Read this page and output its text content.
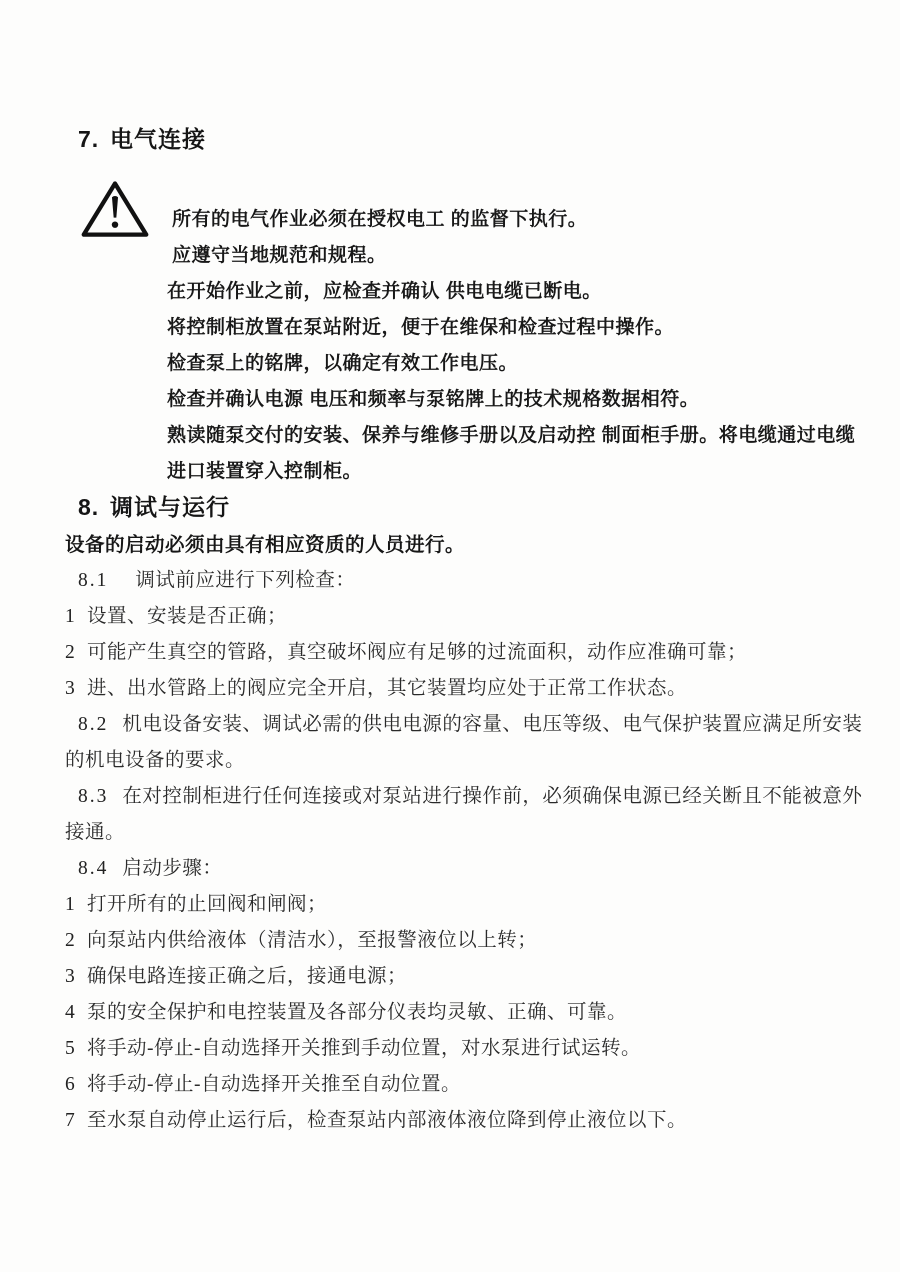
7. 电气连接

所有的电气作业必须在授权电工 的监督下执行。

应遵守当地规范和规程。

在开始作业之前，应检查并确认 供电电缆已断电。

将控制柜放置在泵站附近，便于在维保和检查过程中操作。

检查泵上的铭牌，以确定有效工作电压。

检查并确认电源 电压和频率与泵铭牌上的技术规格数据相符。

熟读随泵交付的安装、保养与维修手册以及启动控 制面柜手册。将电缆通过电缆进口装置穿入控制柜。

8. 调试与运行

设备的启动必须由具有相应资质的人员进行。

8.1 调试前应进行下列检查：

1 设置、安装是否正确；

2 可能产生真空的管路，真空破坏阀应有足够的过流面积，动作应准确可靠；

3 进、出水管路上的阀应完全开启，其它装置均应处于正常工作状态。

8.2 机电设备安装、调试必需的供电电源的容量、电压等级、电气保护装置应满足所安装的机电设备的要求。

8.3 在对控制柜进行任何连接或对泵站进行操作前，必须确保电源已经关断且不能被意外接通。

8.4 启动步骤：

1 打开所有的止回阀和闸阀；

2 向泵站内供给液体（清洁水），至报警液位以上转；

3 确保电路连接正确之后，接通电源；

4 泵的安全保护和电控装置及各部分仪表均灵敏、正确、可靠。

5 将手动-停止-自动选择开关推到手动位置，对水泵进行试运转。

6 将手动-停止-自动选择开关推至自动位置。

7 至水泵自动停止运行后，检查泵站内部液体液位降到停止液位以下。
